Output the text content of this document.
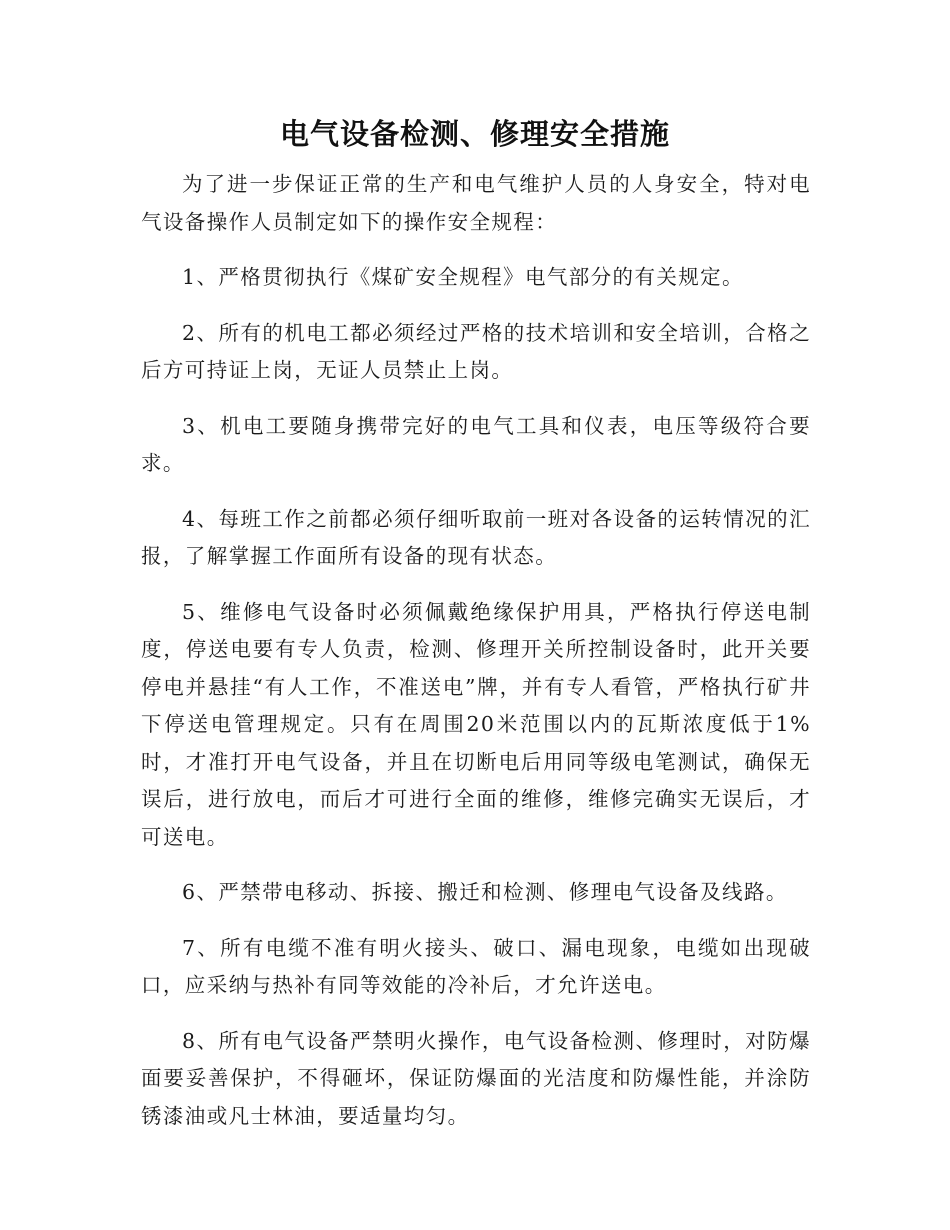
电气设备检测、修理安全措施

为了进一步保证正常的生产和电气维护人员的人身安全，特对电气设备操作人员制定如下的操作安全规程：

1、严格贯彻执行《煤矿安全规程》电气部分的有关规定。

2、所有的机电工都必须经过严格的技术培训和安全培训，合格之后方可持证上岗，无证人员禁止上岗。

3、机电工要随身携带完好的电气工具和仪表，电压等级符合要求。

4、每班工作之前都必须仔细听取前一班对各设备的运转情况的汇报，了解掌握工作面所有设备的现有状态。

5、维修电气设备时必须佩戴绝缘保护用具，严格执行停送电制度，停送电要有专人负责，检测、修理开关所控制设备时，此开关要停电并悬挂“有人工作，不准送电”牌，并有专人看管，严格执行矿井下停送电管理规定。只有在周围20米范围以内的瓦斯浓度低于1%时，才准打开电气设备，并且在切断电后用同等级电笔测试，确保无误后，进行放电，而后才可进行全面的维修，维修完确实无误后，才可送电。

6、严禁带电移动、拆接、搬迁和检测、修理电气设备及线路。

7、所有电缆不准有明火接头、破口、漏电现象，电缆如出现破口，应采纳与热补有同等效能的冷补后，才允许送电。

8、所有电气设备严禁明火操作，电气设备检测、修理时，对防爆面要妥善保护，不得砸坏，保证防爆面的光洁度和防爆性能，并涂防锈漆油或凡士林油，要适量均匀。
